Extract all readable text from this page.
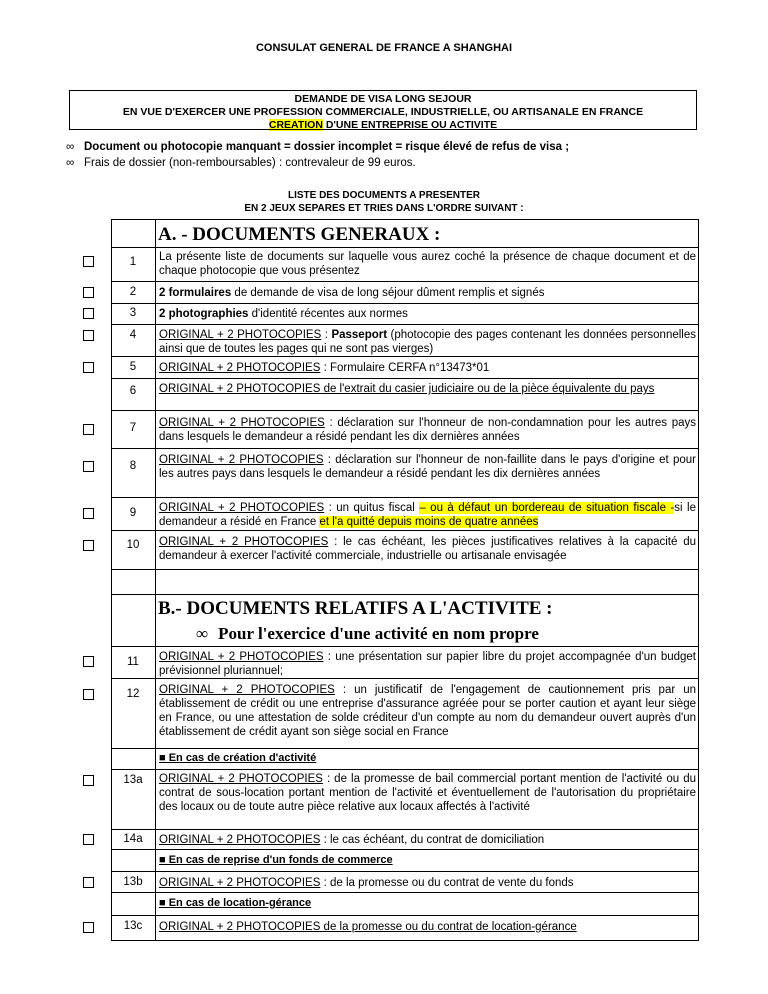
CONSULAT GENERAL DE FRANCE A SHANGHAI
DEMANDE DE VISA LONG SEJOUR
EN VUE D'EXERCER UNE PROFESSION COMMERCIALE, INDUSTRIELLE, OU ARTISANALE EN FRANCE
CREATION D'UNE ENTREPRISE OU ACTIVITE
∞ Document ou photocopie manquant = dossier incomplet = risque élevé de refus de visa ;
∞ Frais de dossier (non-remboursables) : contrevaleur de 99 euros.
LISTE DES DOCUMENTS A PRESENTER
EN 2 JEUX SEPARES ET TRIES DANS L'ORDRE SUIVANT :
A. - DOCUMENTS GENERAUX :
1	La présente liste de documents sur laquelle vous aurez coché la présence de chaque document et de chaque photocopie que vous présentez
2	2 formulaires de demande de visa de long séjour dûment remplis et signés
3	2 photographies d'identité récentes aux normes
4	ORIGINAL + 2 PHOTOCOPIES : Passeport (photocopie des pages contenant les données personnelles ainsi que de toutes les pages qui ne sont pas vierges)
5	ORIGINAL + 2 PHOTOCOPIES : Formulaire CERFA n°13473*01
6	ORIGINAL + 2 PHOTOCOPIES de l'extrait du casier judiciaire ou de la pièce équivalente du pays
7	ORIGINAL + 2 PHOTOCOPIES : déclaration sur l'honneur de non-condamnation pour les autres pays dans lesquels le demandeur a résidé pendant les dix dernières années
8	ORIGINAL + 2 PHOTOCOPIES : déclaration sur l'honneur de non-faillite dans le pays d'origine et pour les autres pays dans lesquels le demandeur a résidé pendant les dix dernières années
9	ORIGINAL + 2 PHOTOCOPIES : un quitus fiscal – ou à défaut un bordereau de situation fiscale -si le demandeur a résidé en France et l'a quitté depuis moins de quatre années
10	ORIGINAL + 2 PHOTOCOPIES : le cas échéant, les pièces justificatives relatives à la capacité du demandeur à exercer l'activité commerciale, industrielle ou artisanale envisagée
B.- DOCUMENTS RELATIFS A L'ACTIVITE :
∞ Pour l'exercice d'une activité en nom propre
11	ORIGINAL + 2 PHOTOCOPIES : une présentation sur papier libre du projet accompagnée d'un budget prévisionnel pluriannuel;
12	ORIGINAL + 2 PHOTOCOPIES : un justificatif de l'engagement de cautionnement pris par un établissement de crédit ou une entreprise d'assurance agréée pour se porter caution et ayant leur siège en France, ou une attestation de solde créditeur d'un compte au nom du demandeur ouvert auprès d'un établissement de crédit ayant son siège social en France
■ En cas de création d'activité
13a	ORIGINAL + 2 PHOTOCOPIES : de la promesse de bail commercial portant mention de l'activité ou du contrat de sous-location portant mention de l'activité et éventuellement de l'autorisation du propriétaire des locaux ou de toute autre pièce relative aux locaux affectés à l'activité
14a	ORIGINAL + 2 PHOTOCOPIES : le cas échéant, du contrat de domiciliation
■ En cas de reprise d'un fonds de commerce
13b	ORIGINAL + 2 PHOTOCOPIES : de la promesse ou du contrat de vente du fonds
■ En cas de location-gérance
13c	ORIGINAL + 2 PHOTOCOPIES de la promesse ou du contrat de location-gérance
